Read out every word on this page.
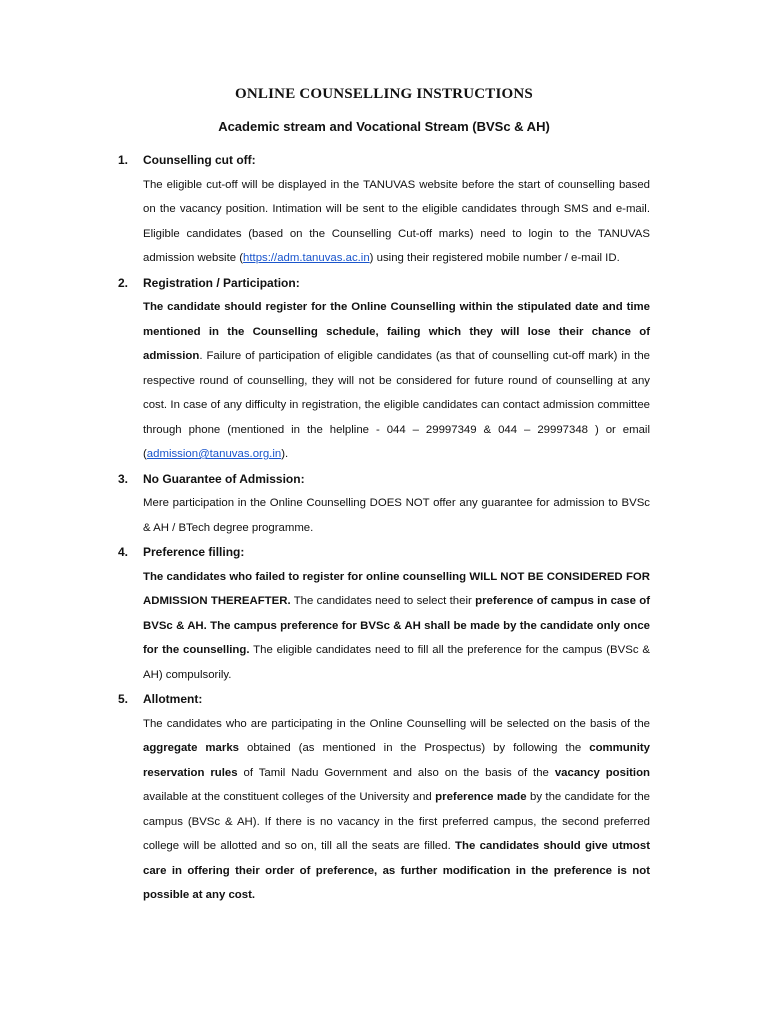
ONLINE COUNSELLING INSTRUCTIONS
Academic stream and Vocational Stream (BVSc & AH)
1. Counselling cut off:
The eligible cut-off will be displayed in the TANUVAS website before the start of counselling based on the vacancy position. Intimation will be sent to the eligible candidates through SMS and e-mail. Eligible candidates (based on the Counselling Cut-off marks) need to login to the TANUVAS admission website (https://adm.tanuvas.ac.in) using their registered mobile number / e-mail ID.
2. Registration / Participation:
The candidate should register for the Online Counselling within the stipulated date and time mentioned in the Counselling schedule, failing which they will lose their chance of admission. Failure of participation of eligible candidates (as that of counselling cut-off mark) in the respective round of counselling, they will not be considered for future round of counselling at any cost. In case of any difficulty in registration, the eligible candidates can contact admission committee through phone (mentioned in the helpline - 044 – 29997349 & 044 – 29997348 ) or email (admission@tanuvas.org.in).
3. No Guarantee of Admission:
Mere participation in the Online Counselling DOES NOT offer any guarantee for admission to BVSc & AH / BTech degree programme.
4. Preference filling:
The candidates who failed to register for online counselling WILL NOT BE CONSIDERED FOR ADMISSION THEREAFTER. The candidates need to select their preference of campus in case of BVSc & AH. The campus preference for BVSc & AH shall be made by the candidate only once for the counselling. The eligible candidates need to fill all the preference for the campus (BVSc & AH) compulsorily.
5. Allotment:
The candidates who are participating in the Online Counselling will be selected on the basis of the aggregate marks obtained (as mentioned in the Prospectus) by following the community reservation rules of Tamil Nadu Government and also on the basis of the vacancy position available at the constituent colleges of the University and preference made by the candidate for the campus (BVSc & AH). If there is no vacancy in the first preferred campus, the second preferred college will be allotted and so on, till all the seats are filled. The candidates should give utmost care in offering their order of preference, as further modification in the preference is not possible at any cost.
